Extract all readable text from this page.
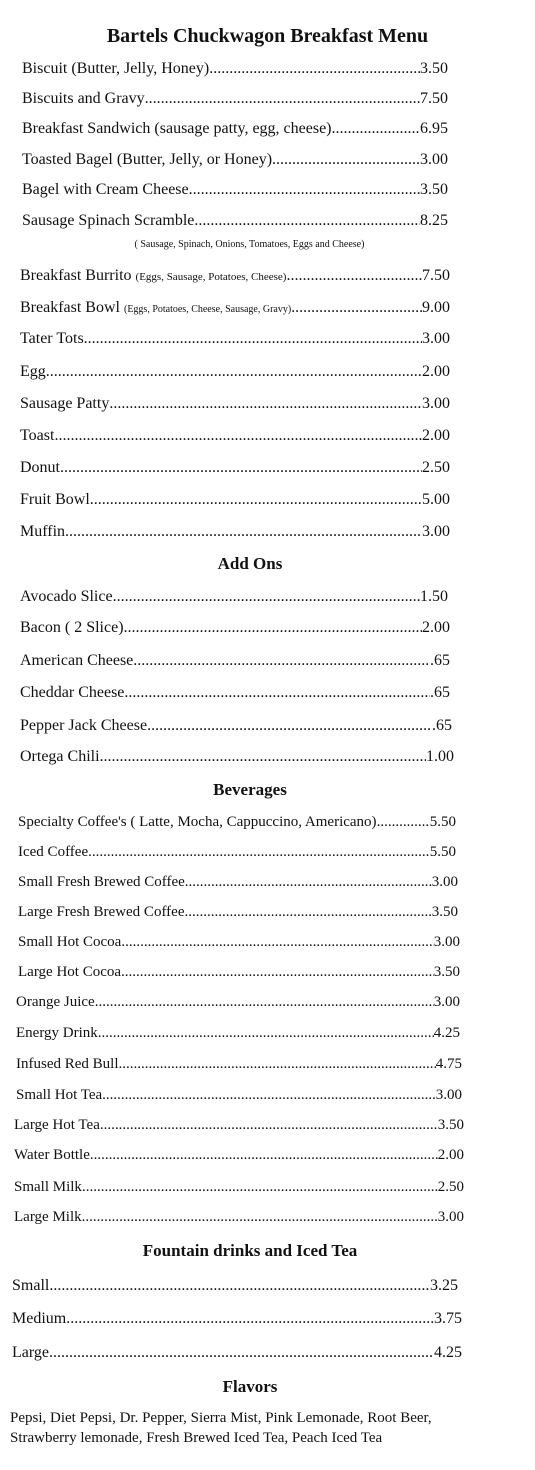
Bartels Chuckwagon Breakfast Menu
Biscuit (Butter, Jelly, Honey) .....	3.50
Biscuits and Gravy .....	7.50
Breakfast Sandwich (sausage patty, egg, cheese) .....	6.95
Toasted Bagel (Butter, Jelly, or Honey) .....	3.00
Bagel with Cream Cheese .....	3.50
Sausage Spinach Scramble .....	8.25
( Sausage, Spinach, Onions, Tomatoes, Eggs and Cheese)
Breakfast Burrito (Eggs, Sausage, Potatoes, Cheese) .....	7.50
Breakfast Bowl (Eggs, Potatoes, Cheese, Sausage, Gravy) .....	9.00
Tater Tots .....	3.00
Egg .....	2.00
Sausage Patty .....	3.00
Toast .....	2.00
Donut .....	2.50
Fruit Bowl .....	5.00
Muffin .....	3.00
Add Ons
Avocado Slice .....	1.50
Bacon ( 2 Slice) .....	2.00
American Cheese .....	.65
Cheddar Cheese .....	.65
Pepper Jack Cheese .....	.65
Ortega Chili .....	1.00
Beverages
Specialty Coffee's ( Latte, Mocha, Cappuccino, Americano) .....	5.50
Iced Coffee .....	5.50
Small Fresh Brewed Coffee .....	3.00
Large Fresh Brewed Coffee .....	3.50
Small Hot Cocoa .....	3.00
Large Hot Cocoa .....	3.50
Orange Juice .....	3.00
Energy Drink .....	4.25
Infused Red Bull .....	4.75
Small Hot Tea .....	3.00
Large Hot Tea .....	3.50
Water Bottle .....	2.00
Small Milk .....	2.50
Large Milk .....	3.00
Fountain drinks and Iced Tea
Small .....	3.25
Medium .....	3.75
Large .....	4.25
Flavors
Pepsi, Diet Pepsi, Dr. Pepper, Sierra Mist, Pink Lemonade, Root Beer, Strawberry lemonade, Fresh Brewed Iced Tea, Peach Iced Tea
